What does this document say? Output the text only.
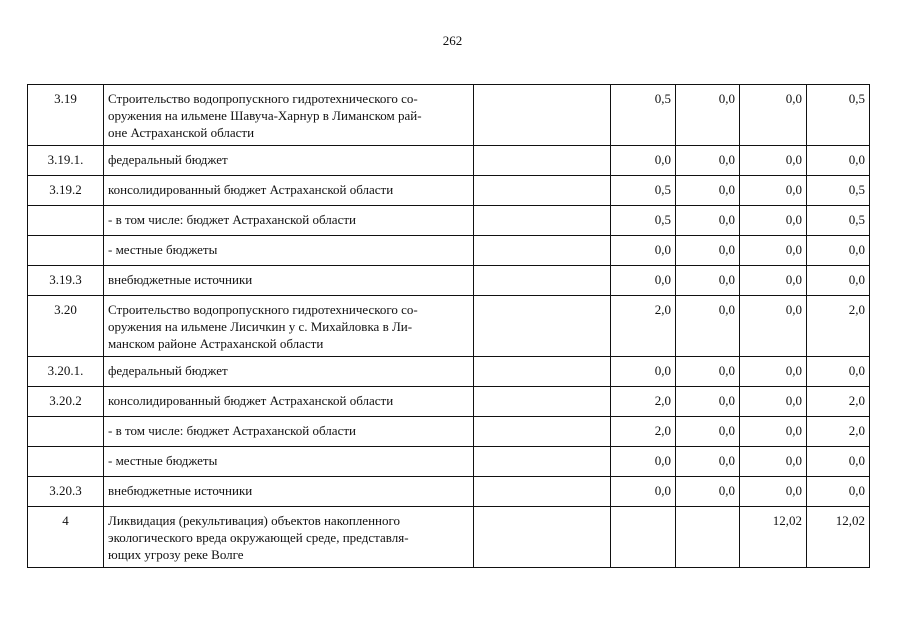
262
3.19	Строительство водопропускного гидротехнического со-
оружения на ильмене Шавуча-Харнур в Лиманском рай-
оне Астраханской области		0,5	0,0	0,0	0,5
3.19.1.	федеральный бюджет		0,0	0,0	0,0	0,0
3.19.2	консолидированный бюджет Астраханской области		0,5	0,0	0,0	0,5

	- в том числе: бюджет Астраханской области		0,5	0,0	0,0	0,5

	- местные бюджеты		0,0	0,0	0,0	0,0
3.19.3	внебюджетные источники		0,0	0,0	0,0	0,0
3.20	Строительство водопропускного гидротехнического со-
оружения на ильмене Лисичкин у с. Михайловка в Ли-
манском районе Астраханской области		2,0	0,0	0,0	2,0
3.20.1.	федеральный бюджет		0,0	0,0	0,0	0,0
3.20.2	консолидированный бюджет Астраханской области		2,0	0,0	0,0	2,0

	- в том числе: бюджет Астраханской области		2,0	0,0	0,0	2,0

	- местные бюджеты		0,0	0,0	0,0	0,0
3.20.3	внебюджетные источники		0,0	0,0	0,0	0,0
4	Ликвидация (рекультивация) объектов накопленного
экологического вреда окружающей среде, представля-
ющих угрозу реке Волге				12,02	12,02
